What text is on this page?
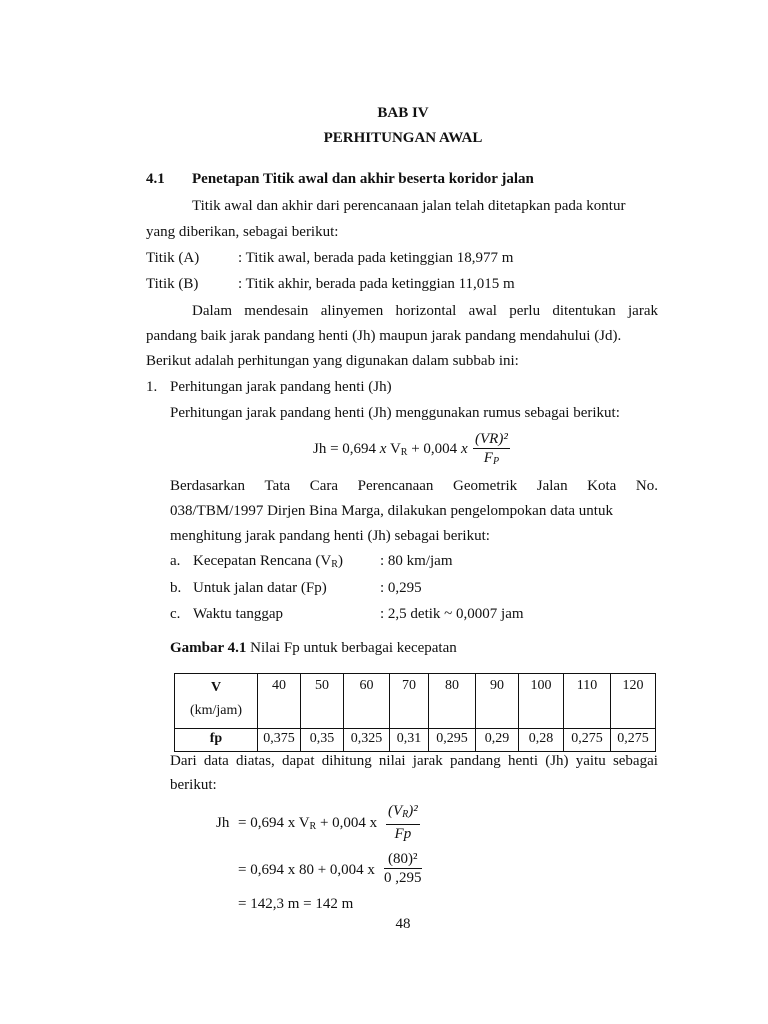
BAB IV
PERHITUNGAN AWAL
4.1 Penetapan Titik awal dan akhir beserta koridor jalan
Titik awal dan akhir dari perencanaan jalan telah ditetapkan pada kontur
yang diberikan, sebagai berikut:
Titik (A)	: Titik awal, berada pada ketinggian 18,977 m
Titik (B)	: Titik akhir, berada pada ketinggian 11,015 m
Dalam mendesain alinyemen horizontal awal perlu ditentukan jarak
pandang baik jarak pandang henti (Jh) maupun jarak pandang mendahului (Jd).
Berikut adalah perhitungan yang digunakan dalam subbab ini:
1. Perhitungan jarak pandang henti (Jh)
Perhitungan jarak pandang henti (Jh) menggunakan rumus sebagai berikut:
Jh = 0,694 x $V_R + 0,004$ x $\frac{\text{(VR)²}}{F_P}$
Berdasarkan Tata Cara Perencanaan Geometrik Jalan Kota No.
038/TBM/1997 Dirjen Bina Marga, dilakukan pengelompokan data untuk
menghitung jarak pandang henti (Jh) sebagai berikut:
a. Kecepatan Rencana $(V_R)$ : 80 km/jam
b. Untuk jalan datar (Fp)	: 0,295
c. Waktu tanggap	: 2,5 detik ~ 0,0007 jam
Gambar 4.1 Nilai Fp untuk berbagai kecepatan
V
(km/jam)	40	50	60	70	80	90	100	110	120
fp	0,375	0,35	0,325	0,31	0,295	0,29	0,28	0,275	0,275
Dari data diatas, dapat dihitung nilai jarak pandang henti (Jh) yaitu sebagai
berikut:
Jh = 0,694 x $V_R + 0,004$ x $\frac{(V_R)^2}{Fp}$
= 0,694 x 80 + 0,004 x $\frac{\text{(80)²}}{0 ,295}$
= 142,3 m = 142 m
48
